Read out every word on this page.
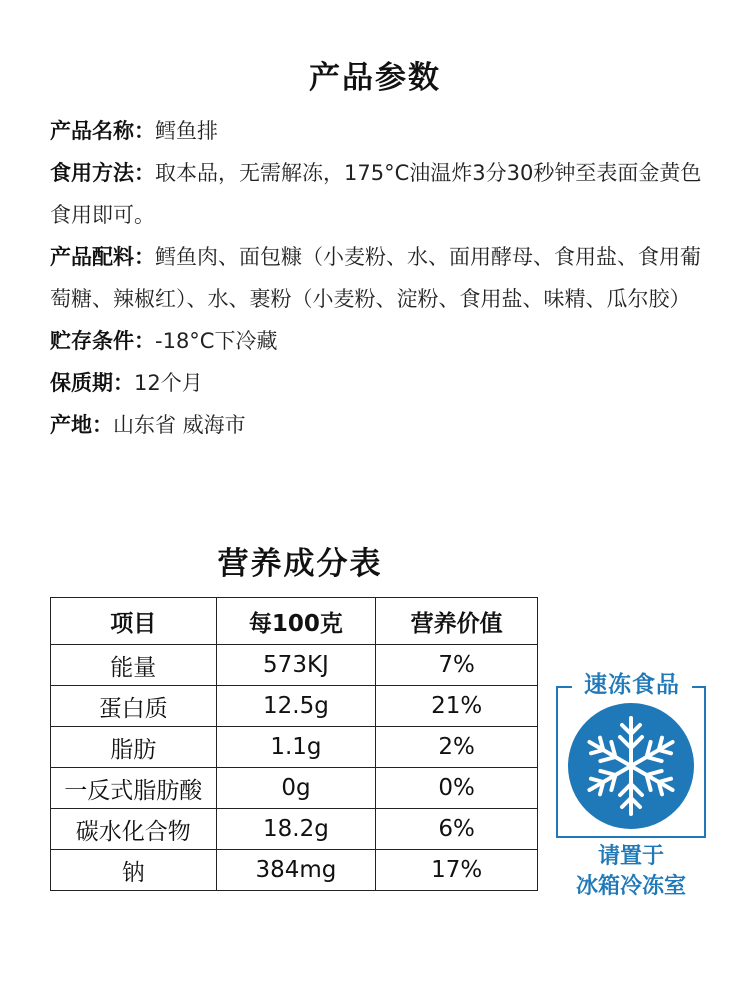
产品参数

产品名称：鳕鱼排

食用方法：取本品，无需解冻，175°C油温炸3分30秒钟至表面金黄色食用即可。

产品配料：鳕鱼肉、面包糠（小麦粉、水、面用酵母、食用盐、食用葡萄糖、辣椒红）、水、裹粉（小麦粉、淀粉、食用盐、味精、瓜尔胶）

贮存条件：-18°C下冷藏

保质期：12个月

产地：山东省 威海市

营养成分表
项目	每100克	营养价值
能量	573KJ	7%
蛋白质	12.5g	21%
脂肪	1.1g	2%
一反式脂肪酸	0g	0%
碳水化合物	18.2g	6%
钠	384mg	17%
速冻食品
请置于
冰箱冷冻室
